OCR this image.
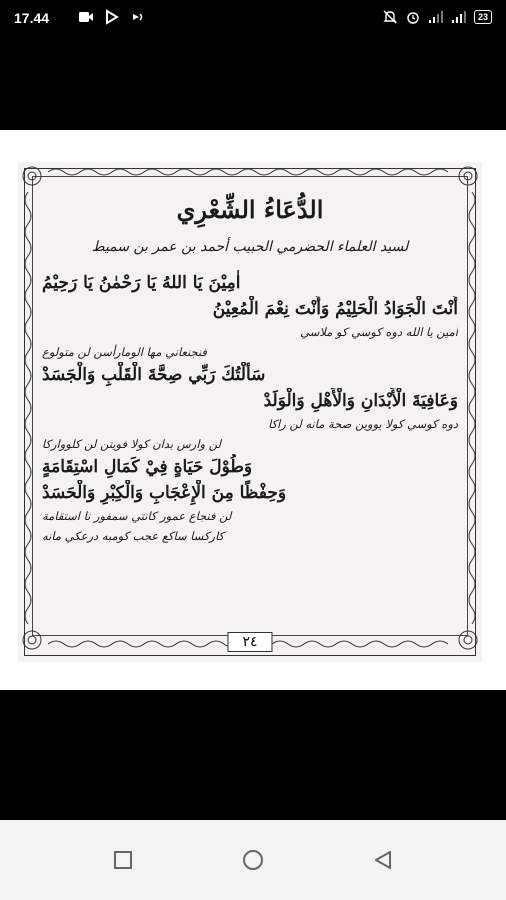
17.44	23
الدُّعَاءُ الشِّعْرِي
لسيد العلماء الحضرمي الحبيب أحمد بن عمر بن سميط
اٰمِيْنَ يَا اللهُ يَا رَحْمٰنُ يَا رَحِيْمُ
أَنْتَ الْجَوَادُ الْحَلِيْمُ وَأَنْتَ نِعْمَ الْمُعِيْنُ
اٰمين يا الله دوه كوسي كو ملاسي
فنجنعاني مها الومارأسن لن متولوع
سَأَلْتُكَ رَبِّي صِحَّةَ الْقَلْبِ وَالْجَسَدْ
وَعَافِيَةَ الْأَبْدَانِ وَالْأَهْلِ وَالْوَلَدْ
دوه كوسي كولا يووين صحة مانه لن راكا
لن وارس بدان كولا فويتن لن كلوواركا
وَطُوْلَ حَيَاةٍ فِيْ كَمَالِ اسْتِقَامَةٍ
وَحِفْظًا مِنَ الْإِعْجَابِ وَالْكِبْرِ وَالْحَسَدْ
لن فنجاع عمور كانتي سمفور نا استقامة
كاركسا ساكع عجب كومبه درعكي مانه
٢٤
